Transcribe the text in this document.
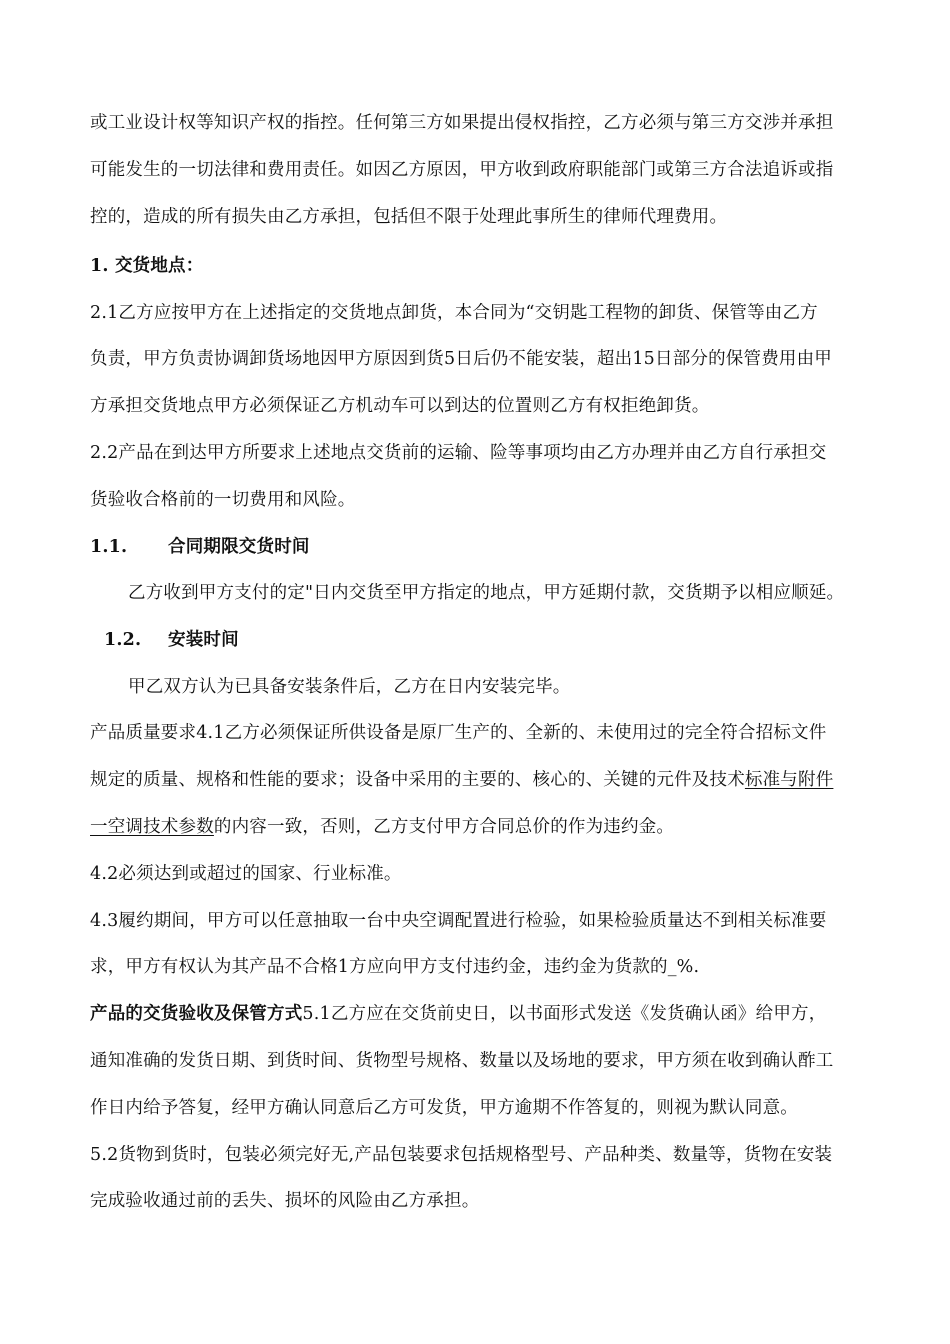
或工业设计权等知识产权的指控。任何第三方如果提出侵权指控，乙方必须与第三方交涉并承担
可能发生的一切法律和费用责任。如因乙方原因，甲方收到政府职能部门或第三方合法追诉或指
控的，造成的所有损失由乙方承担，包括但不限于处理此事所生的律师代理费用。
1. 交货地点：
2.1乙方应按甲方在上述指定的交货地点卸货，本合同为“交钥匙工程物的卸货、保管等由乙方
负责，甲方负责协调卸货场地因甲方原因到货5日后仍不能安装，超出15日部分的保管费用由甲
方承担交货地点甲方必须保证乙方机动车可以到达的位置则乙方有权拒绝卸货。
2.2产品在到达甲方所要求上述地点交货前的运输、险等事项均由乙方办理并由乙方自行承担交
货验收合格前的一切费用和风险。
1.1. 合同期限交货时间
乙方收到甲方支付的定"日内交货至甲方指定的地点，甲方延期付款，交货期予以相应顺延。
1.2. 安装时间
甲乙双方认为已具备安装条件后，乙方在日内安装完毕。
产品质量要求4.1乙方必须保证所供设备是原厂生产的、全新的、未使用过的完全符合招标文件
规定的质量、规格和性能的要求；设备中采用的主要的、核心的、关键的元件及技术标准与附件
一空调技术参数的内容一致，否则，乙方支付甲方合同总价的作为违约金。
4.2必须达到或超过的国家、行业标准。
4.3履约期间，甲方可以任意抽取一台中央空调配置进行检验，如果检验质量达不到相关标准要
求，甲方有权认为其产品不合格1方应向甲方支付违约金，违约金为货款的_%.
产品的交货验收及保管方式5.1乙方应在交货前史日，以书面形式发送《发货确认函》给甲方，
通知准确的发货日期、到货时间、货物型号规格、数量以及场地的要求，甲方须在收到确认酢工
作日内给予答复，经甲方确认同意后乙方可发货，甲方逾期不作答复的，则视为默认同意。
5.2货物到货时，包装必须完好无,产品包装要求包括规格型号、产品种类、数量等，货物在安装
完成验收通过前的丢失、损坏的风险由乙方承担。
